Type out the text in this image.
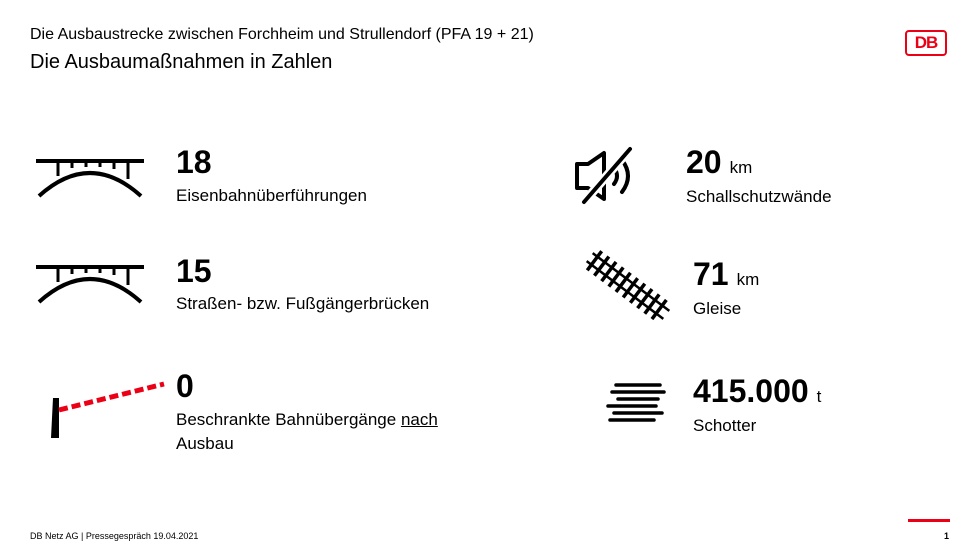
Die Ausbaustrecke zwischen Forchheim und Strullendorf (PFA 19 + 21)
Die Ausbaumaßnahmen in Zahlen
DB
18
Eisenbahnüberführungen
15
Straßen- bzw. Fußgängerbrücken
0
Beschrankte Bahnübergänge nach
Ausbau
20 km
Schallschutzwände
71 km
Gleise
415.000 t
Schotter
DB Netz AG | Pressegespräch 19.04.2021	1
